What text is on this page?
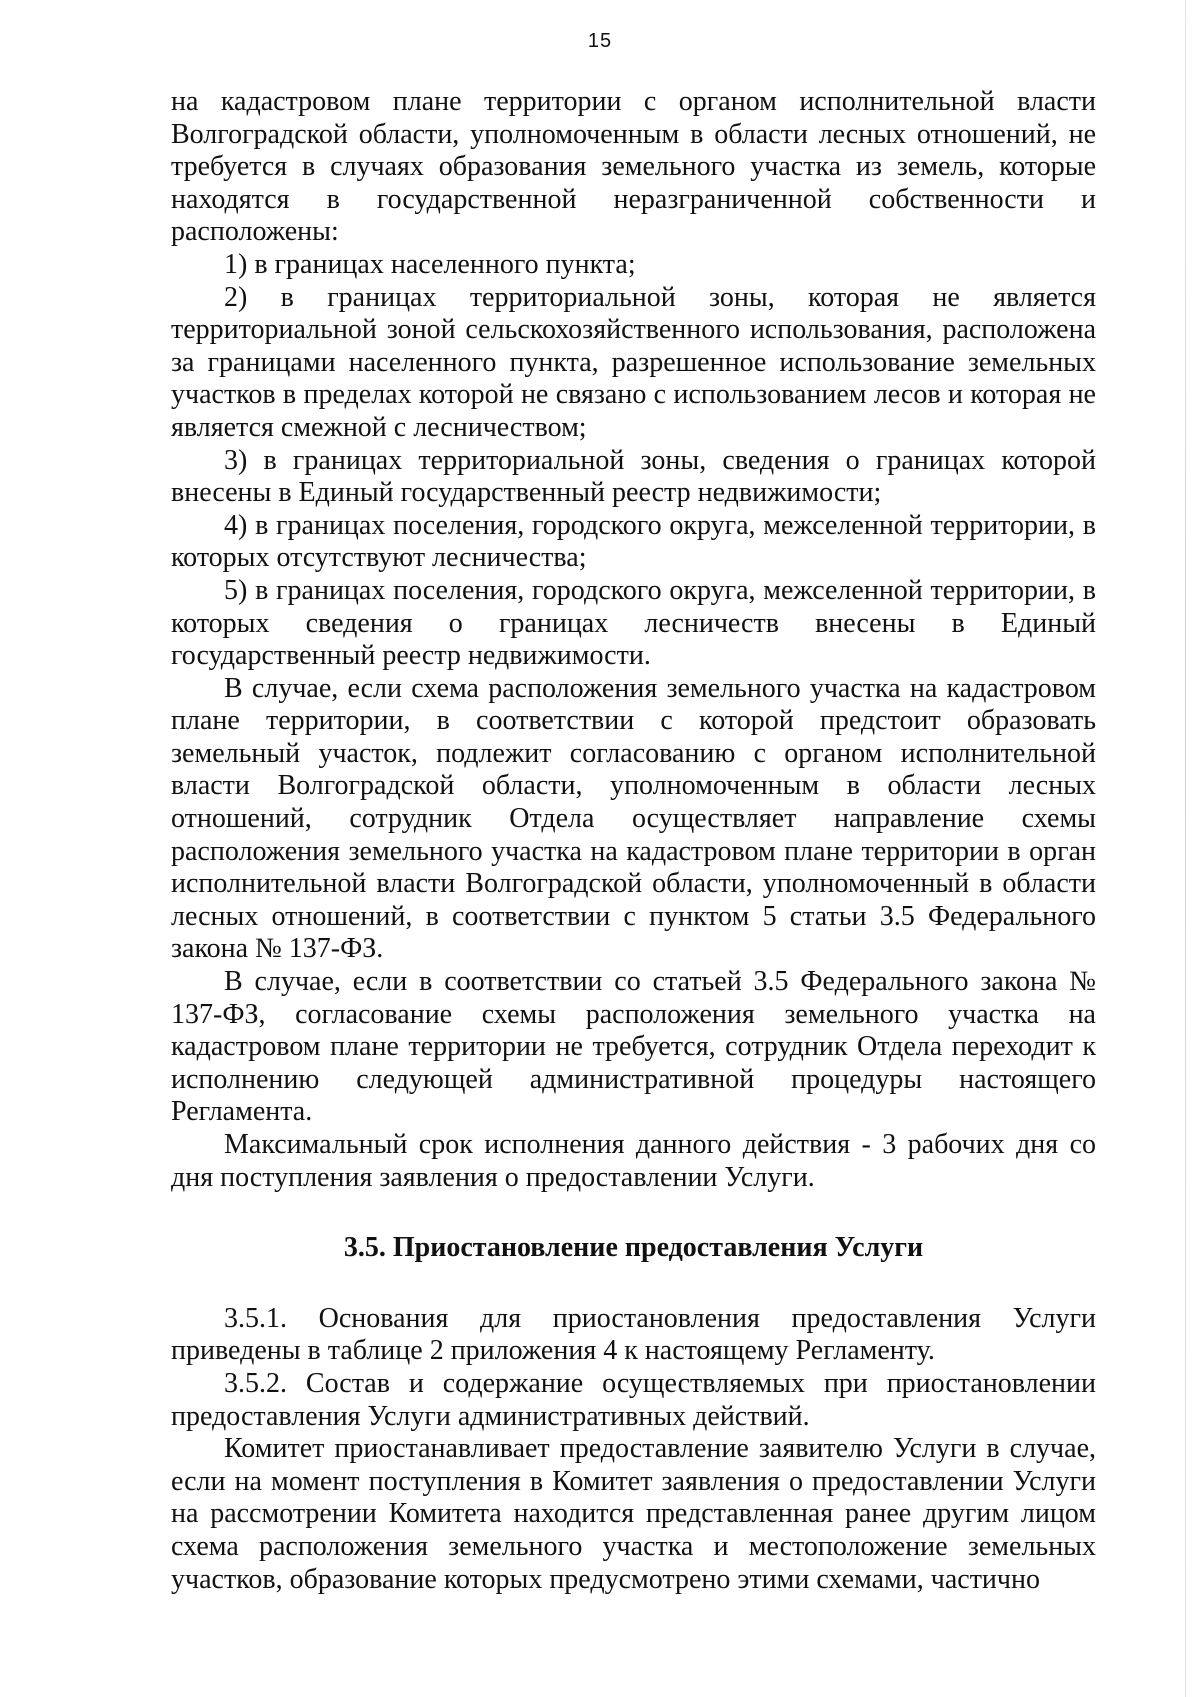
15

на кадастровом плане территории с органом исполнительной власти Волгоградской области, уполномоченным в области лесных отношений, не требуется в случаях образования земельного участка из земель, которые находятся в государственной неразграниченной собственности и расположены:

1) в границах населенного пункта;

2) в границах территориальной зоны, которая не является территориальной зоной сельскохозяйственного использования, расположена за границами населенного пункта, разрешенное использование земельных участков в пределах которой не связано с использованием лесов и которая не является смежной с лесничеством;

3) в границах территориальной зоны, сведения о границах которой внесены в Единый государственный реестр недвижимости;

4) в границах поселения, городского округа, межселенной территории, в которых отсутствуют лесничества;

5) в границах поселения, городского округа, межселенной территории, в которых сведения о границах лесничеств внесены в Единый государственный реестр недвижимости.

В случае, если схема расположения земельного участка на кадастровом плане территории, в соответствии с которой предстоит образовать земельный участок, подлежит согласованию с органом исполнительной власти Волгоградской области, уполномоченным в области лесных отношений, сотрудник Отдела осуществляет направление схемы расположения земельного участка на кадастровом плане территории в орган исполнительной власти Волгоградской области, уполномоченный в области лесных отношений, в соответствии с пунктом 5 статьи 3.5 Федерального закона № 137-ФЗ.

В случае, если в соответствии со статьей 3.5 Федерального закона № 137-ФЗ, согласование схемы расположения земельного участка на кадастровом плане территории не требуется, сотрудник Отдела переходит к исполнению следующей административной процедуры настоящего Регламента.

Максимальный срок исполнения данного действия - 3 рабочих дня со дня поступления заявления о предоставлении Услуги.

3.5. Приостановление предоставления Услуги

3.5.1. Основания для приостановления предоставления Услуги приведены в таблице 2 приложения 4 к настоящему Регламенту.

3.5.2. Состав и содержание осуществляемых при приостановлении предоставления Услуги административных действий.

Комитет приостанавливает предоставление заявителю Услуги в случае, если на момент поступления в Комитет заявления о предоставлении Услуги на рассмотрении Комитета находится представленная ранее другим лицом схема расположения земельного участка и местоположение земельных участков, образование которых предусмотрено этими схемами, частично
